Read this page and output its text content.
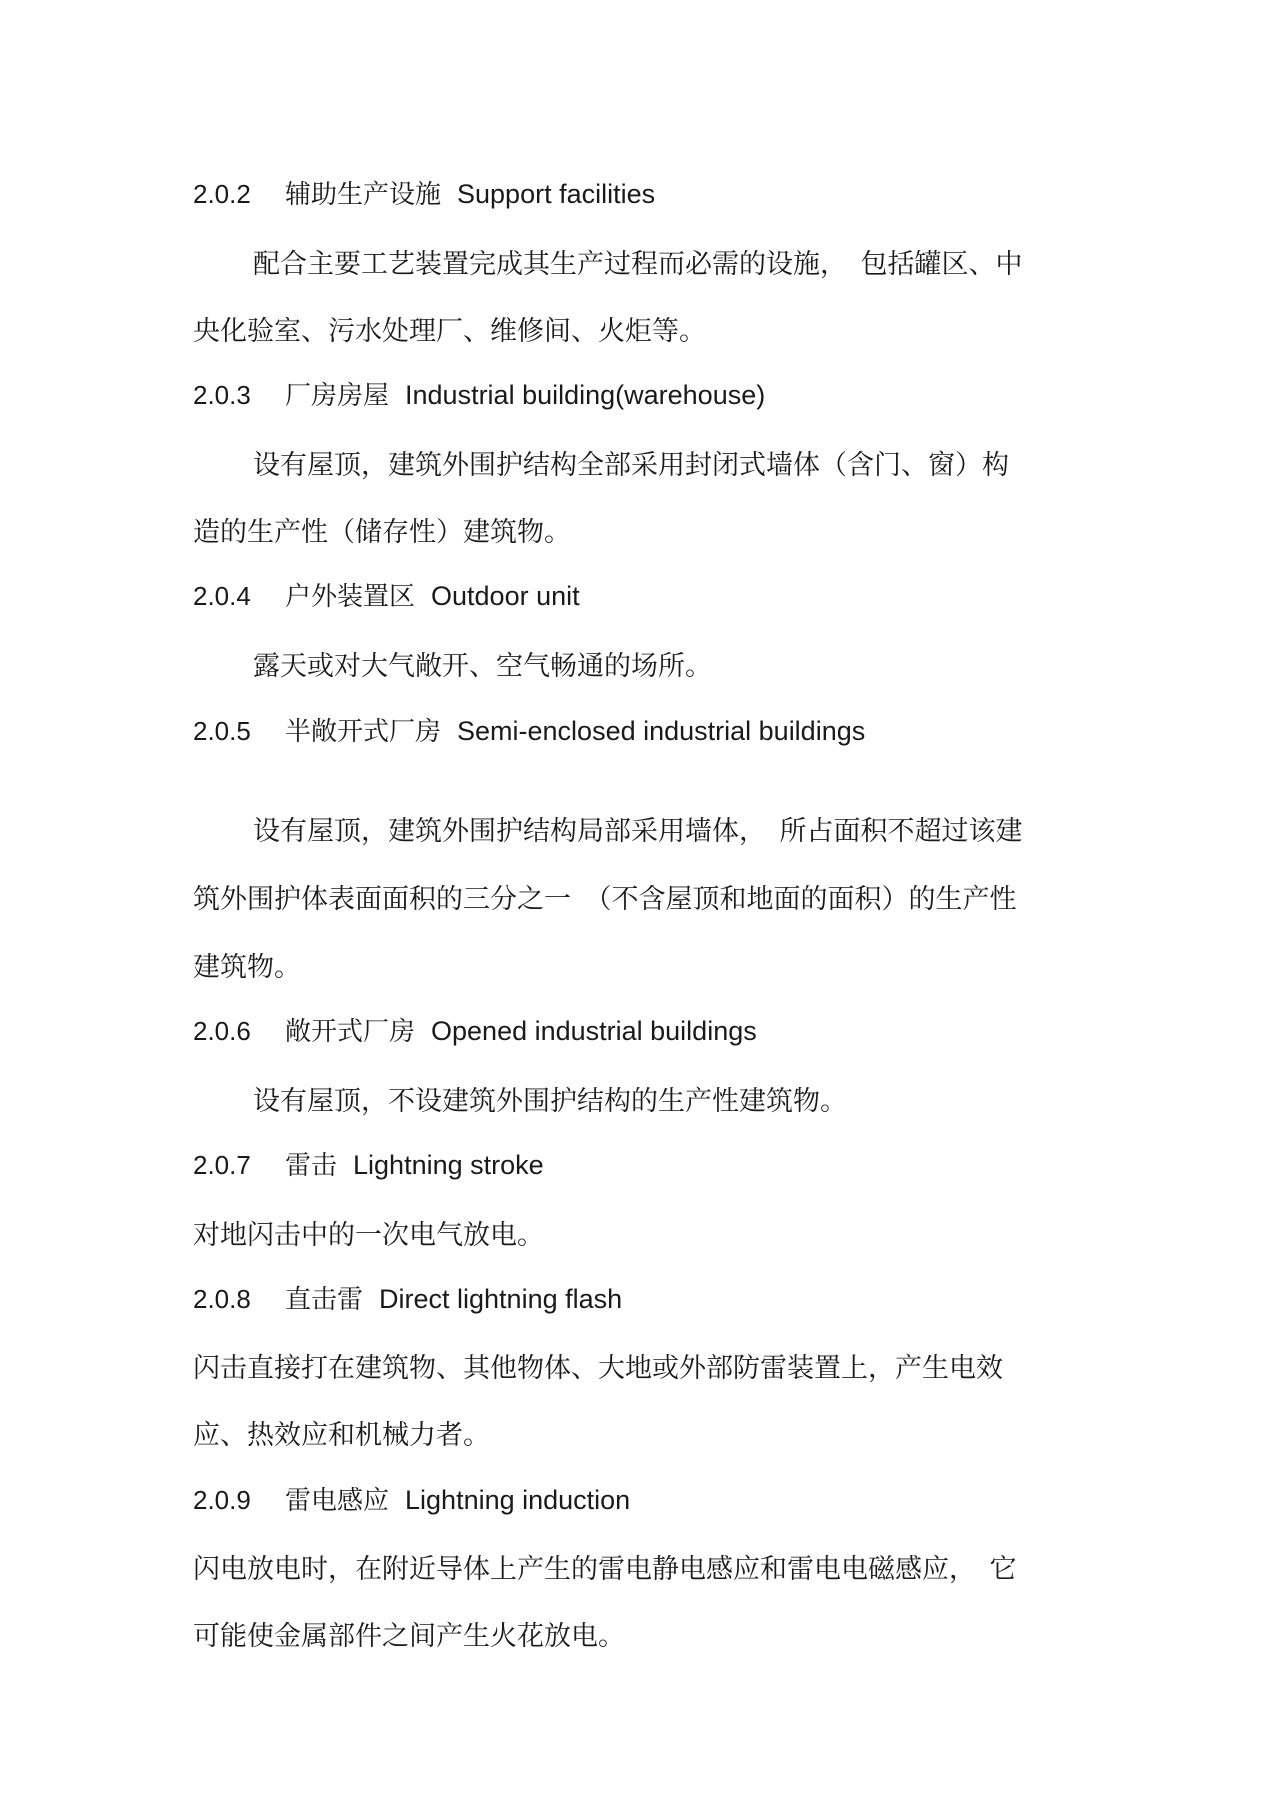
2.0.2 辅助生产设施 Support facilities
配合主要工艺装置完成其生产过程而必需的设施，　包括罐区、中
央化验室、污水处理厂、维修间、火炬等。
2.0.3 厂房房屋 Industrial building(warehouse)
设有屋顶，建筑外围护结构全部采用封闭式墙体（含门、窗）构
造的生产性（储存性）建筑物。
2.0.4 户外装置区 Outdoor unit
露天或对大气敞开、空气畅通的场所。
2.0.5 半敞开式厂房 Semi-enclosed industrial buildings
设有屋顶，建筑外围护结构局部采用墙体，　所占面积不超过该建
筑外围护体表面面积的三分之一　（不含屋顶和地面的面积）的生产性
建筑物。
2.0.6 敞开式厂房 Opened industrial buildings
设有屋顶，不设建筑外围护结构的生产性建筑物。
2.0.7 雷击 Lightning stroke
对地闪击中的一次电气放电。
2.0.8 直击雷 Direct lightning flash
闪击直接打在建筑物、其他物体、大地或外部防雷装置上，产生电效
应、热效应和机械力者。
2.0.9 雷电感应 Lightning induction
闪电放电时，在附近导体上产生的雷电静电感应和雷电电磁感应，　它
可能使金属部件之间产生火花放电。
